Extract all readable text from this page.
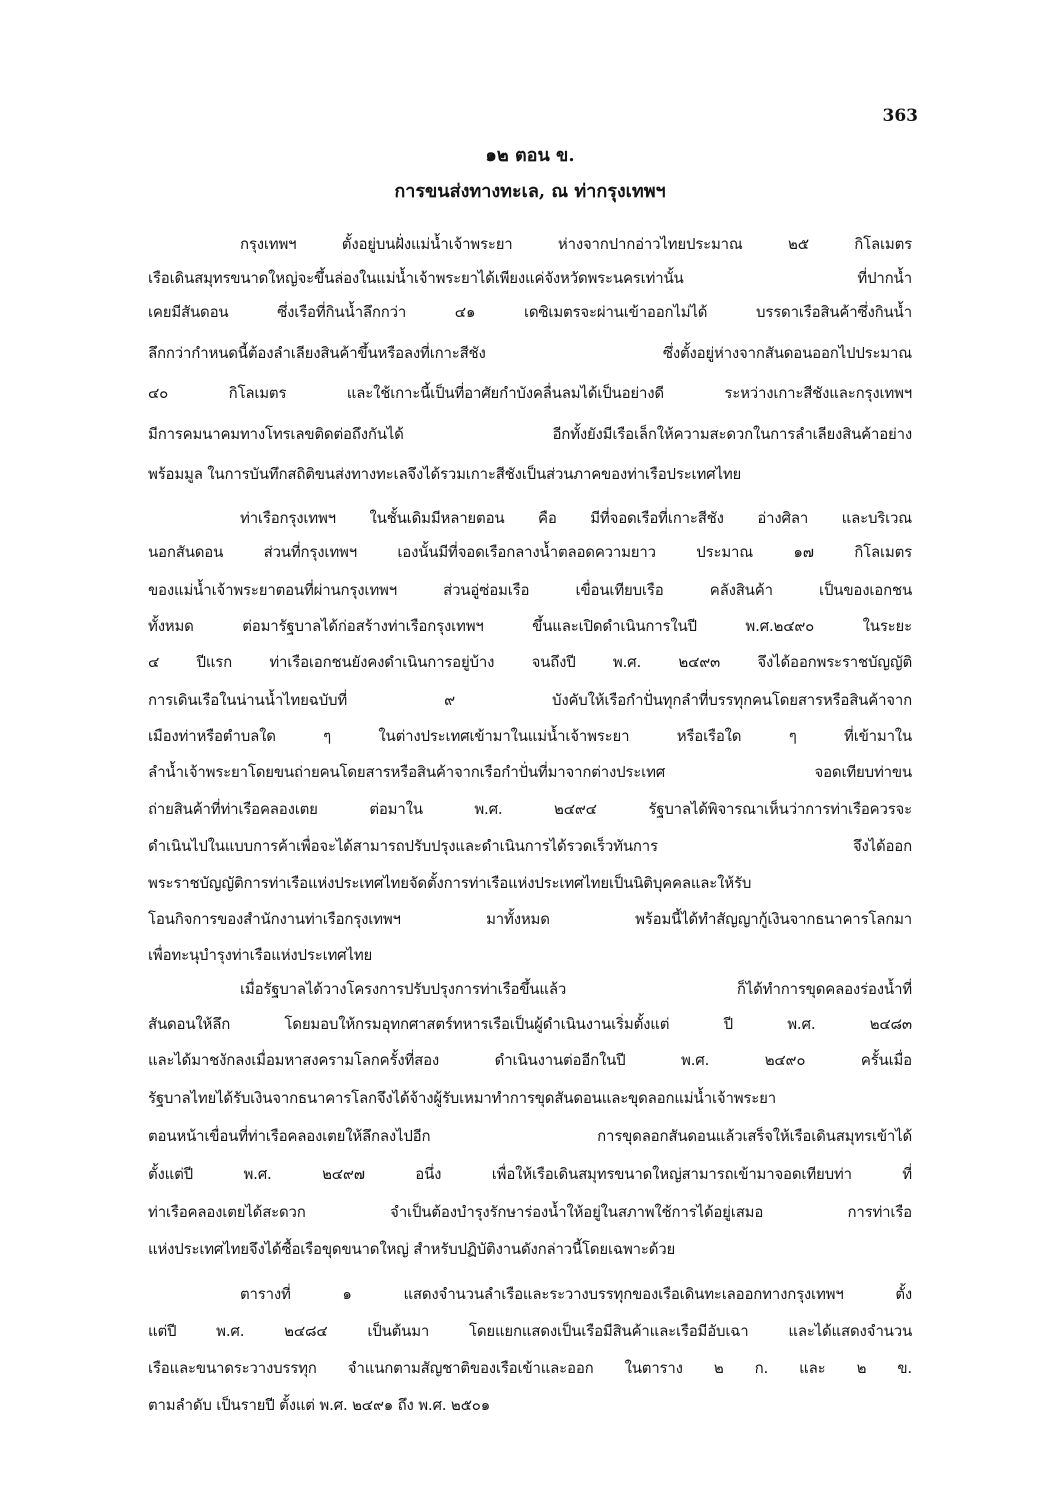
363
๑๒ ตอน ข.
การขนส่งทางทะเล, ณ ท่ากรุงเทพฯ
กรุงเทพฯ ตั้งอยู่บนฝั่งแม่น้ำเจ้าพระยา ห่างจากปากอ่าวไทยประมาณ ๒๕ กิโลเมตร
เรือเดินสมุทรขนาดใหญ่จะขึ้นล่องในแม่น้ำเจ้าพระยาได้เพียงแค่จังหวัดพระนครเท่านั้น ที่ปากน้ำ
เคยมีสันดอน ซึ่งเรือที่กินน้ำลึกกว่า ๔๑ เดซิเมตรจะผ่านเข้าออกไม่ได้ บรรดาเรือสินค้าซึ่งกินน้ำ
ลึกกว่ากำหนดนี้ต้องลำเลียงสินค้าขึ้นหรือลงที่เกาะสีชัง ซึ่งตั้งอยู่ห่างจากสันดอนออกไปประมาณ
๔๐ กิโลเมตร และใช้เกาะนี้เป็นที่อาศัยกำบังคลื่นลมได้เป็นอย่างดี ระหว่างเกาะสีชังและกรุงเทพฯ
มีการคมนาคมทางโทรเลขติดต่อถึงกันได้ อีกทั้งยังมีเรือเล็กให้ความสะดวกในการลำเลียงสินค้าอย่าง
พร้อมมูล ในการบันทึกสถิติขนส่งทางทะเลจึงได้รวมเกาะสีชังเป็นส่วนภาคของท่าเรือประเทศไทย
ท่าเรือกรุงเทพฯ ในชั้นเดิมมีหลายตอน คือ มีที่จอดเรือที่เกาะสีชัง อ่างศิลา และบริเวณ
นอกสันดอน ส่วนที่กรุงเทพฯ เองนั้นมีที่จอดเรือกลางน้ำตลอดความยาว ประมาณ ๑๗ กิโลเมตร
ของแม่น้ำเจ้าพระยาตอนที่ผ่านกรุงเทพฯ ส่วนอู่ซ่อมเรือ เขื่อนเทียบเรือ คลังสินค้า เป็นของเอกชน
ทั้งหมด ต่อมารัฐบาลได้ก่อสร้างท่าเรือกรุงเทพฯ ขึ้นและเปิดดำเนินการในปี พ.ศ.๒๔๙๐ ในระยะ
๔ ปีแรก ท่าเรือเอกชนยังคงดำเนินการอยู่บ้าง จนถึงปี พ.ศ. ๒๔๙๓ จึงได้ออกพระราชบัญญัติ
การเดินเรือในน่านน้ำไทยฉบับที่ ๙ บังคับให้เรือกำปั่นทุกลำที่บรรทุกคนโดยสารหรือสินค้าจาก
เมืองท่าหรือตำบลใด ๆ ในต่างประเทศเข้ามาในแม่น้ำเจ้าพระยา หรือเรือใด ๆ ที่เข้ามาใน
ลำน้ำเจ้าพระยาโดยขนถ่ายคนโดยสารหรือสินค้าจากเรือกำปั่นที่มาจากต่างประเทศ จอดเทียบท่าขน
ถ่ายสินค้าที่ท่าเรือคลองเตย ต่อมาใน พ.ศ. ๒๔๙๔ รัฐบาลได้พิจารณาเห็นว่าการท่าเรือควรจะ
ดำเนินไปในแบบการค้าเพื่อจะได้สามารถปรับปรุงและดำเนินการได้รวดเร็วทันการ จึงได้ออก
พระราชบัญญัติการท่าเรือแห่งประเทศไทยจัดตั้งการท่าเรือแห่งประเทศไทยเป็นนิติบุคคลและให้รับ
โอนกิจการของสำนักงานท่าเรือกรุงเทพฯ มาทั้งหมด พร้อมนี้ได้ทำสัญญากู้เงินจากธนาคารโลกมา
เพื่อทะนุบำรุงท่าเรือแห่งประเทศไทย
เมื่อรัฐบาลได้วางโครงการปรับปรุงการท่าเรือขึ้นแล้ว ก็ได้ทำการขุดคลองร่องน้ำที่
สันดอนให้ลึก โดยมอบให้กรมอุทกศาสตร์ทหารเรือเป็นผู้ดำเนินงานเริ่มตั้งแต่ ปี พ.ศ. ๒๔๘๓
และได้มาชงักลงเมื่อมหาสงครามโลกครั้งที่สอง ดำเนินงานต่ออีกในปี พ.ศ. ๒๔๙๐ ครั้นเมื่อ
รัฐบาลไทยได้รับเงินจากธนาคารโลกจึงได้จ้างผู้รับเหมาทำการขุดสันดอนและขุดลอกแม่น้ำเจ้าพระยา
ตอนหน้าเขื่อนที่ท่าเรือคลองเตยให้ลึกลงไปอีก การขุดลอกสันดอนแล้วเสร็จให้เรือเดินสมุทรเข้าได้
ตั้งแต่ปี พ.ศ. ๒๔๙๗ อนึ่ง เพื่อให้เรือเดินสมุทรขนาดใหญ่สามารถเข้ามาจอดเทียบท่า ที่
ท่าเรือคลองเตยได้สะดวก จำเป็นต้องบำรุงรักษาร่องน้ำให้อยู่ในสภาพใช้การได้อยู่เสมอ การท่าเรือ
แห่งประเทศไทยจึงได้ซื้อเรือขุดขนาดใหญ่ สำหรับปฏิบัติงานดังกล่าวนี้โดยเฉพาะด้วย
ตารางที่ ๑ แสดงจำนวนลำเรือและระวางบรรทุกของเรือเดินทะเลออกทางกรุงเทพฯ ตั้ง
แต่ปี พ.ศ. ๒๔๘๔ เป็นต้นมา โดยแยกแสดงเป็นเรือมีสินค้าและเรือมีอับเฉา และได้แสดงจำนวน
เรือและขนาดระวางบรรทุก จำแนกตามสัญชาติของเรือเข้าและออก ในตาราง ๒ ก. และ ๒ ข.
ตามลำดับ เป็นรายปี ตั้งแต่ พ.ศ. ๒๔๙๑ ถึง พ.ศ. ๒๕๐๑
